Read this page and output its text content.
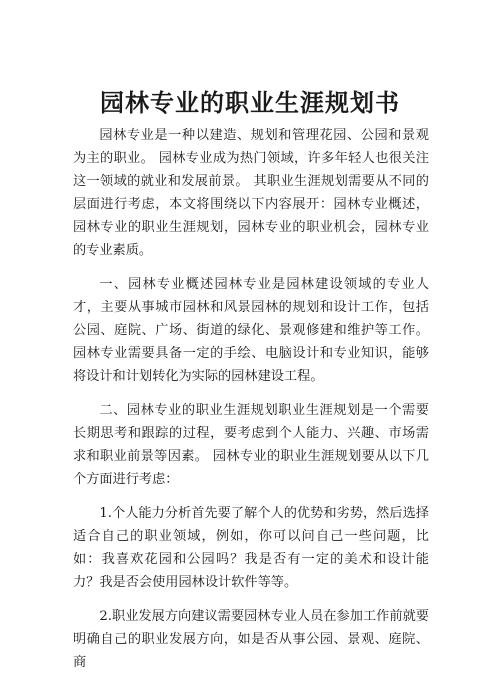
园林专业的职业生涯规划书

园林专业是一种以建造、规划和管理花园、公园和景观为主的职业。 园林专业成为热门领域，许多年轻人也很关注这一领域的就业和发展前景。 其职业生涯规划需要从不同的层面进行考虑，本文将围绕以下内容展开：园林专业概述，园林专业的职业生涯规划，园林专业的职业机会，园林专业的专业素质。

一、园林专业概述园林专业是园林建设领域的专业人才，主要从事城市园林和风景园林的规划和设计工作，包括公园、庭院、广场、街道的绿化、景观修建和维护等工作。 园林专业需要具备一定的手绘、电脑设计和专业知识，能够将设计和计划转化为实际的园林建设工程。

二、园林专业的职业生涯规划职业生涯规划是一个需要长期思考和跟踪的过程，要考虑到个人能力、兴趣、市场需求和职业前景等因素。 园林专业的职业生涯规划要从以下几个方面进行考虑：

1.个人能力分析首先要了解个人的优势和劣势，然后选择适合自己的职业领域，例如，你可以问自己一些问题，比如：我喜欢花园和公园吗？我是否有一定的美术和设计能力？我是否会使用园林设计软件等等。

2.职业发展方向建议需要园林专业人员在参加工作前就要明确自己的职业发展方向，如是否从事公园、景观、庭院、商
